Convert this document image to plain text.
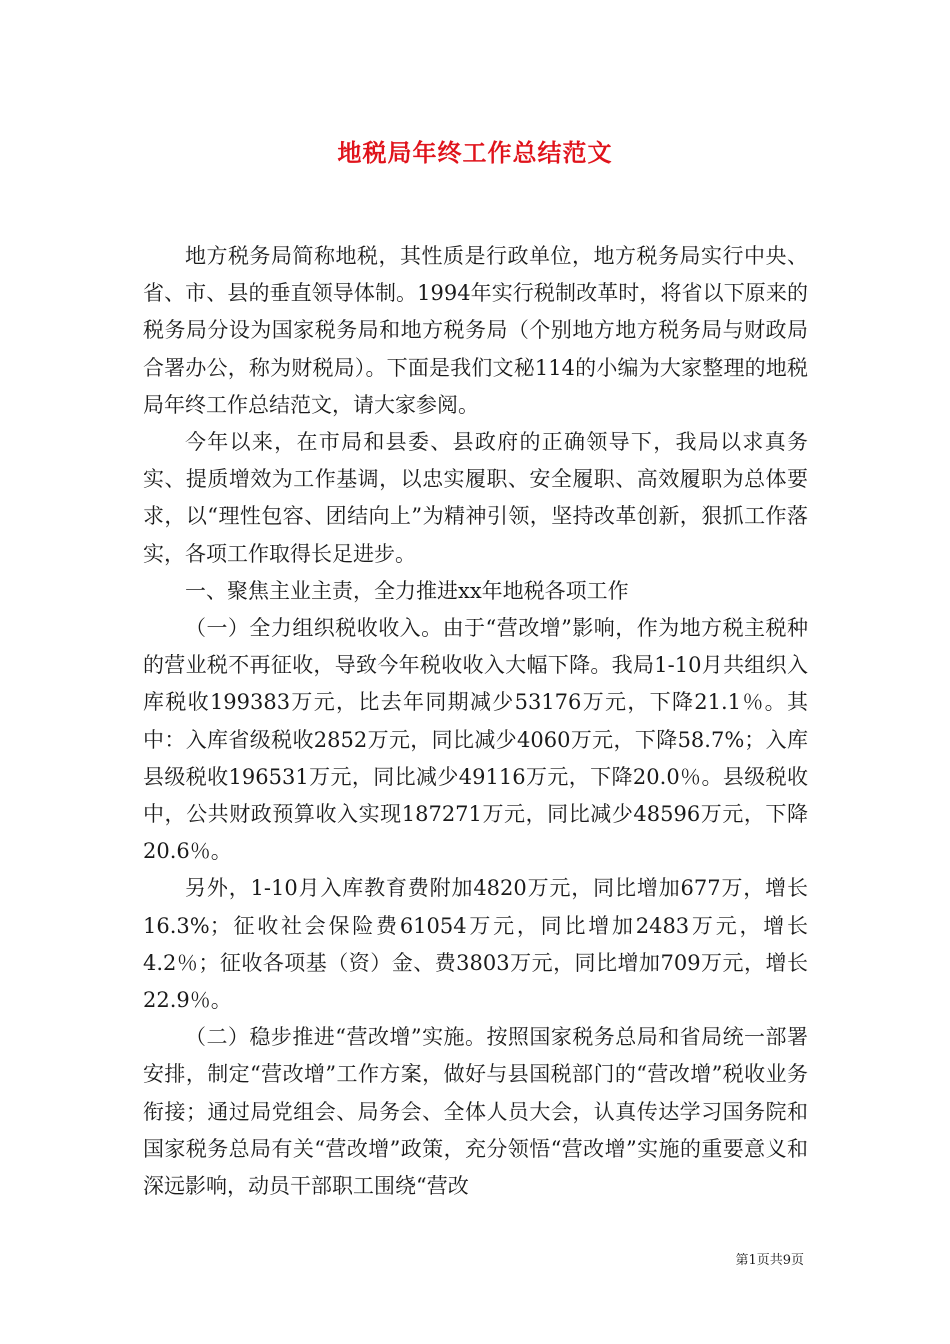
地税局年终工作总结范文

地方税务局简称地税，其性质是行政单位，地方税务局实行中央、省、市、县的垂直领导体制。1994年实行税制改革时，将省以下原来的税务局分设为国家税务局和地方税务局（个别地方地方税务局与财政局合署办公，称为财税局）。下面是我们文秘114的小编为大家整理的地税局年终工作总结范文，请大家参阅。

今年以来，在市局和县委、县政府的正确领导下，我局以求真务实、提质增效为工作基调，以忠实履职、安全履职、高效履职为总体要求，以“理性包容、团结向上”为精神引领，坚持改革创新，狠抓工作落实，各项工作取得长足进步。

一、聚焦主业主责，全力推进xx年地税各项工作

（一）全力组织税收收入。由于“营改增”影响，作为地方税主税种的营业税不再征收，导致今年税收收入大幅下降。我局1-10月共组织入库税收199383万元，比去年同期减少53176万元，下降21.1％。其中：入库省级税收2852万元，同比减少4060万元，下降58.7%；入库县级税收196531万元，同比减少49116万元，下降20.0％。县级税收中，公共财政预算收入实现187271万元，同比减少48596万元，下降20.6％。

另外，1-10月入库教育费附加4820万元，同比增加677万，增长16.3%；征收社会保险费61054万元，同比增加2483万元，增长4.2％；征收各项基（资）金、费3803万元，同比增加709万元，增长22.9％。

（二）稳步推进“营改增”实施。按照国家税务总局和省局统一部署安排，制定“营改增”工作方案，做好与县国税部门的“营改增”税收业务衔接；通过局党组会、局务会、全体人员大会，认真传达学习国务院和国家税务总局有关“营改增”政策，充分领悟“营改增”实施的重要意义和深远影响，动员干部职工围绕“营改

第1页共9页
